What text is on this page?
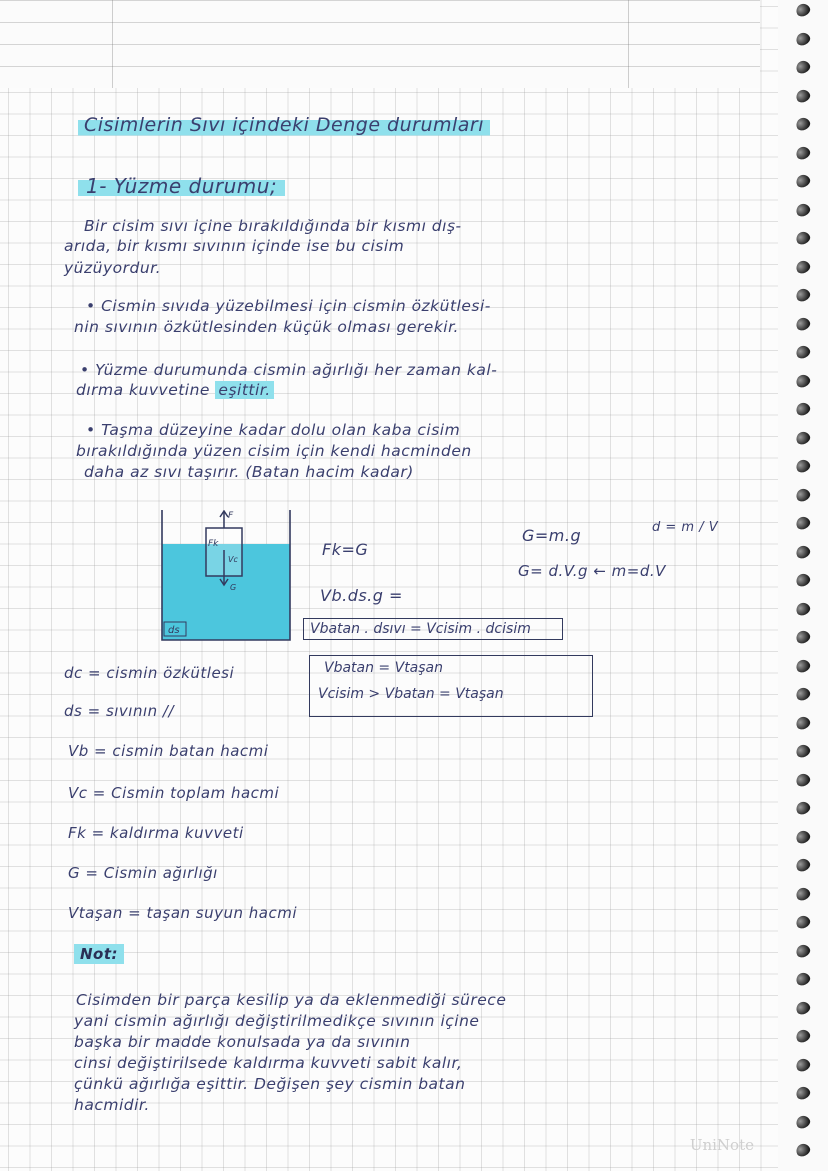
Cisimlerin Sıvı içindeki Denge durumları
1- Yüzme durumu;
Bir cisim sıvı içine bırakıldığında bir kısmı dış-
arıda, bir kısmı sıvının içinde ise bu cisim
yüzüyordur.
• Cismin sıvıda yüzebilmesi için cismin özkütlesi-
nin sıvının özkütlesinden küçük olması gerekir.
• Yüzme durumunda cismin ağırlığı her zaman kal-
dırma kuvvetine eşittir.
• Taşma düzeyine kadar dolu olan kaba cisim
bırakıldığında yüzen cisim için kendi hacminden
daha az sıvı taşırır. (Batan hacim kadar)
F
Fk
Vc
G
ds
Fk=G
Vb.ds.g =
G=m.g	d = m / V
G= d.V.g ← m=d.V
Vbatan . dsıvı = Vcisim . dcisim
Vbatan = Vtaşan
Vcisim > Vbatan = Vtaşan
dc = cismin özkütlesi
ds = sıvının //
Vb = cismin batan hacmi
Vc = Cismin toplam hacmi
Fk = kaldırma kuvveti
G = Cismin ağırlığı
Vtaşan = taşan suyun hacmi
Not:
Cisimden bir parça kesilip ya da eklenmediği sürece
yani cismin ağırlığı değiştirilmedikçe sıvının içine
başka bir madde konulsada ya da sıvının
cinsi değiştirilsede kaldırma kuvveti sabit kalır,
çünkü ağırlığa eşittir. Değişen şey cismin batan
hacmidir.
UniNote
